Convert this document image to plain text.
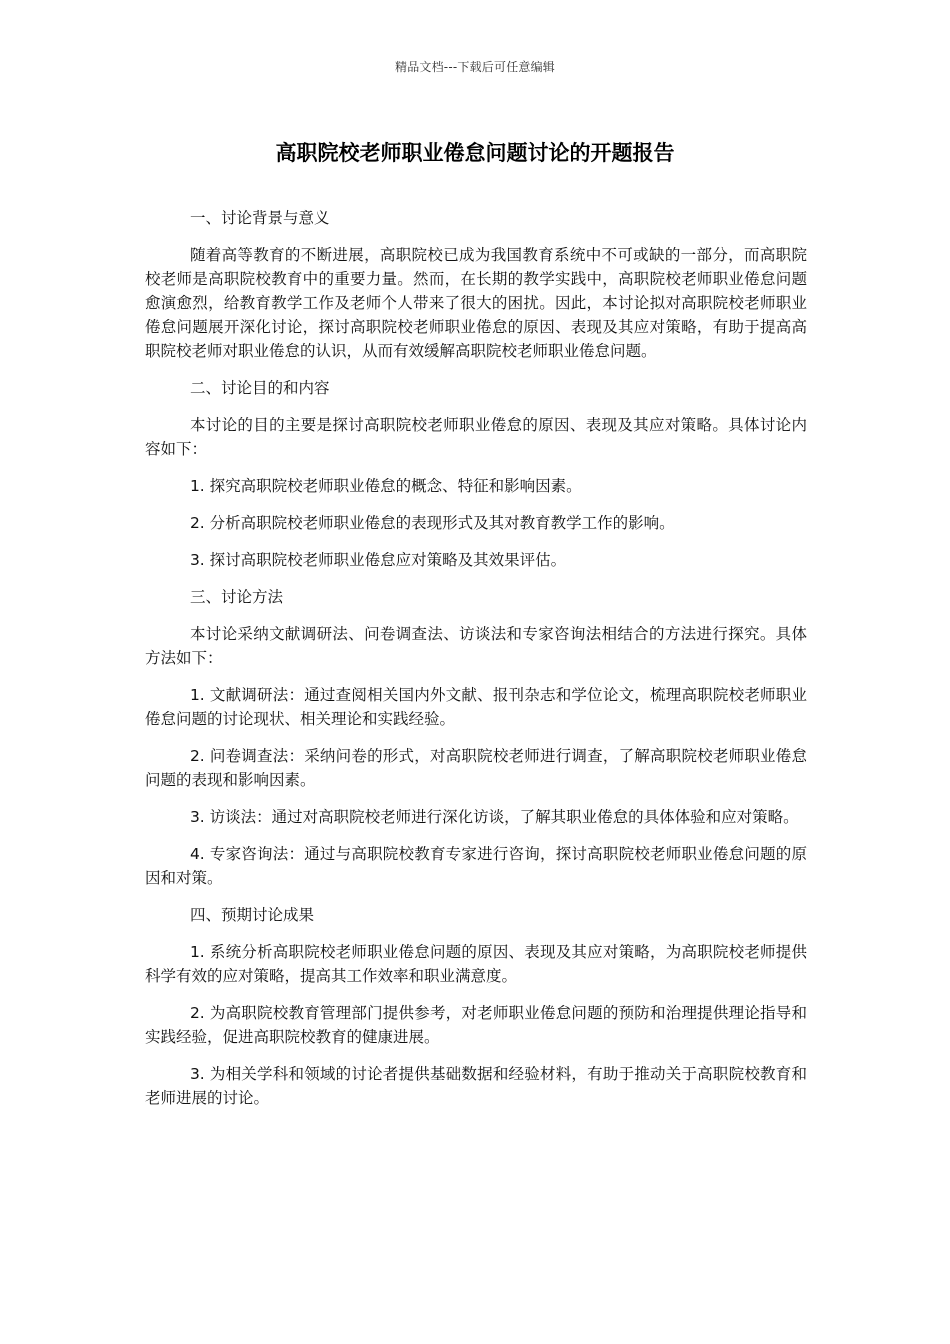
精品文档---下载后可任意编辑
高职院校老师职业倦怠问题讨论的开题报告
一、讨论背景与意义
随着高等教育的不断进展，高职院校已成为我国教育系统中不可或缺的一部分，而高职院校老师是高职院校教育中的重要力量。然而，在长期的教学实践中，高职院校老师职业倦怠问题愈演愈烈，给教育教学工作及老师个人带来了很大的困扰。因此，本讨论拟对高职院校老师职业倦怠问题展开深化讨论，探讨高职院校老师职业倦怠的原因、表现及其应对策略，有助于提高高职院校老师对职业倦怠的认识，从而有效缓解高职院校老师职业倦怠问题。
二、讨论目的和内容
本讨论的目的主要是探讨高职院校老师职业倦怠的原因、表现及其应对策略。具体讨论内容如下：
1. 探究高职院校老师职业倦怠的概念、特征和影响因素。
2. 分析高职院校老师职业倦怠的表现形式及其对教育教学工作的影响。
3. 探讨高职院校老师职业倦怠应对策略及其效果评估。
三、讨论方法
本讨论采纳文献调研法、问卷调查法、访谈法和专家咨询法相结合的方法进行探究。具体方法如下：
1. 文献调研法：通过查阅相关国内外文献、报刊杂志和学位论文，梳理高职院校老师职业倦怠问题的讨论现状、相关理论和实践经验。
2. 问卷调查法：采纳问卷的形式，对高职院校老师进行调查，了解高职院校老师职业倦怠问题的表现和影响因素。
3. 访谈法：通过对高职院校老师进行深化访谈，了解其职业倦怠的具体体验和应对策略。
4. 专家咨询法：通过与高职院校教育专家进行咨询，探讨高职院校老师职业倦怠问题的原因和对策。
四、预期讨论成果
1. 系统分析高职院校老师职业倦怠问题的原因、表现及其应对策略，为高职院校老师提供科学有效的应对策略，提高其工作效率和职业满意度。
2. 为高职院校教育管理部门提供参考，对老师职业倦怠问题的预防和治理提供理论指导和实践经验，促进高职院校教育的健康进展。
3. 为相关学科和领域的讨论者提供基础数据和经验材料，有助于推动关于高职院校教育和老师进展的讨论。
